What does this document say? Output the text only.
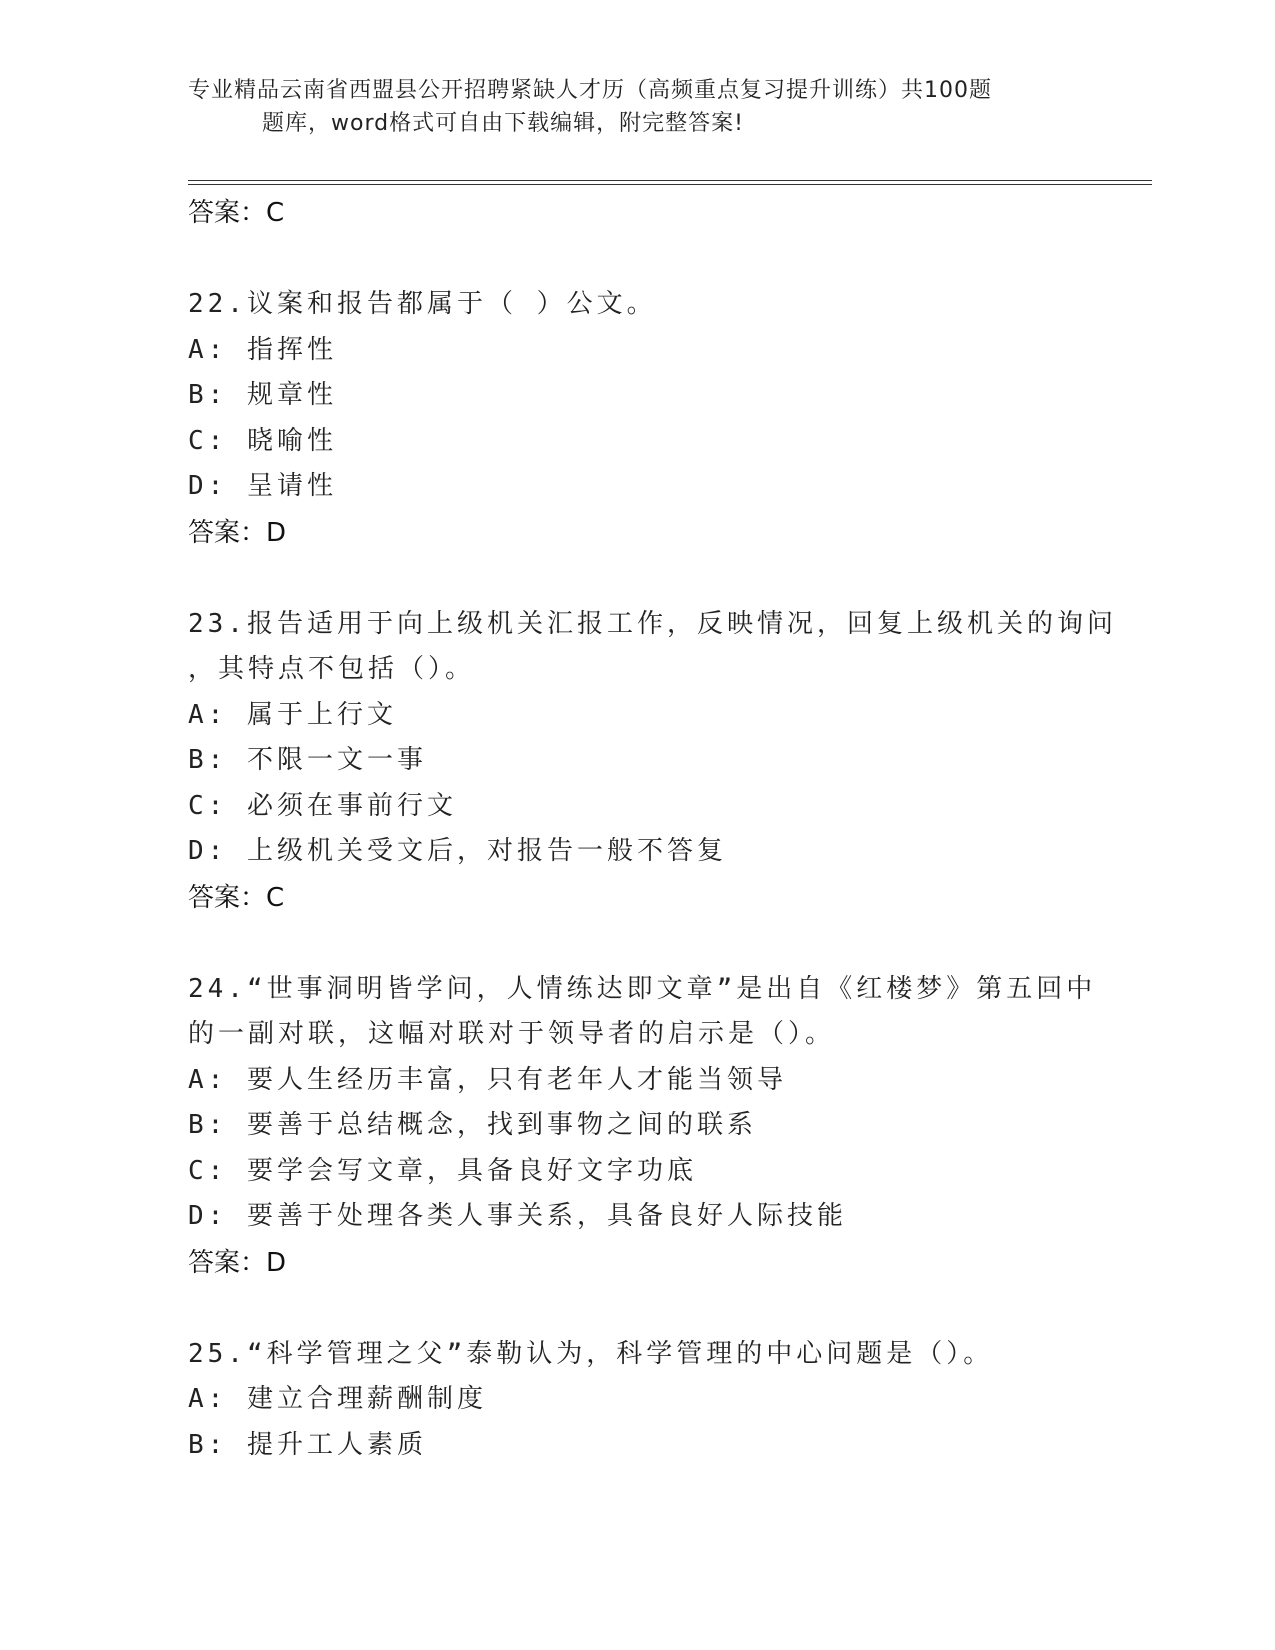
专业精品云南省西盟县公开招聘紧缺人才历（高频重点复习提升训练）共100题
题库，word格式可自由下载编辑，附完整答案!
答案：C
22.议案和报告都属于（ ）公文。
A: 指挥性
B: 规章性
C: 晓喻性
D: 呈请性
答案：D
23.报告适用于向上级机关汇报工作，反映情况，回复上级机关的询问
，其特点不包括（）。
A: 属于上行文
B: 不限一文一事
C: 必须在事前行文
D: 上级机关受文后，对报告一般不答复
答案：C
24.“世事洞明皆学问，人情练达即文章”是出自《红楼梦》第五回中
的一副对联，这幅对联对于领导者的启示是（）。
A: 要人生经历丰富，只有老年人才能当领导
B: 要善于总结概念，找到事物之间的联系
C: 要学会写文章，具备良好文字功底
D: 要善于处理各类人事关系，具备良好人际技能
答案：D
25.“科学管理之父”泰勒认为，科学管理的中心问题是（）。
A: 建立合理薪酬制度
B: 提升工人素质
